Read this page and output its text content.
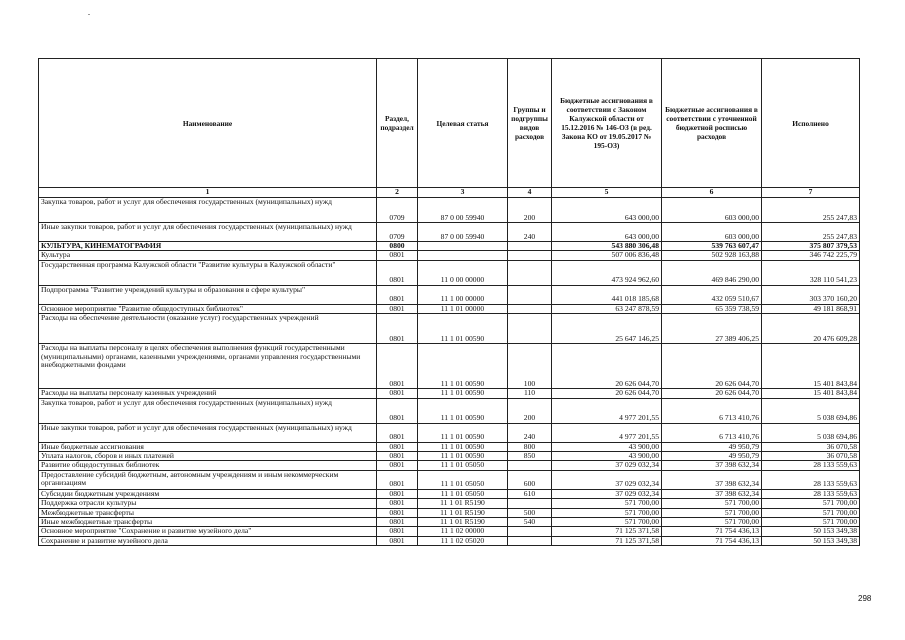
Наименование	Раздел, подраздел	Целевая статья	Группы и подгруппы видов расходов	Бюджетные ассигнования в соответствии с Законом Калужской области от 15.12.2016 № 146-ОЗ (в ред. Закона КО от 19.05.2017 № 195-ОЗ)	Бюджетные ассигнования в соответствии с уточненной бюджетной росписью расходов	Исполнено
1	2	3	4	5	6	7
Закупка товаров, работ и услуг для обеспечения государственных (муниципальных) нужд	0709	87 0 00 59940	200	643 000,00	603 000,00	255 247,83
Иные закупки товаров, работ и услуг для обеспечения государственных (муниципальных) нужд	0709	87 0 00 59940	240	643 000,00	603 000,00	255 247,83
КУЛЬТУРА, КИНЕМАТОГРАФИЯ	0800			543 880 306,48	539 763 607,47	375 807 379,53
Культура	0801			507 006 836,48	502 928 163,88	346 742 225,79
Государственная программа Калужской области "Развитие культуры в Калужской области"	0801	11 0 00 00000		473 924 962,60	469 846 290,00	328 110 541,23
Подпрограмма "Развитие учреждений культуры и образования в сфере культуры"	0801	11 1 00 00000		441 018 185,68	432 059 510,67	303 370 160,20
Основное мероприятие "Развитие общедоступных библиотек"	0801	11 1 01 00000		63 247 878,59	65 359 738,59	49 181 868,91
Расходы на обеспечение деятельности (оказание услуг) государственных учреждений	0801	11 1 01 00590		25 647 146,25	27 389 406,25	20 476 609,28
Расходы на выплаты персоналу в целях обеспечения выполнения функций государственными (муниципальными) органами, казенными учреждениями, органами управления государственными внебюджетными фондами	0801	11 1 01 00590	100	20 626 044,70	20 626 044,70	15 401 843,84
Расходы на выплаты персоналу казенных учреждений	0801	11 1 01 00590	110	20 626 044,70	20 626 044,70	15 401 843,84
Закупка товаров, работ и услуг для обеспечения государственных (муниципальных) нужд	0801	11 1 01 00590	200	4 977 201,55	6 713 410,76	5 038 694,86
Иные закупки товаров, работ и услуг для обеспечения государственных (муниципальных) нужд	0801	11 1 01 00590	240	4 977 201,55	6 713 410,76	5 038 694,86
Иные бюджетные ассигнования	0801	11 1 01 00590	800	43 900,00	49 950,79	36 070,58
Уплата налогов, сборов и иных платежей	0801	11 1 01 00590	850	43 900,00	49 950,79	36 070,58
Развитие общедоступных библиотек	0801	11 1 01 05050		37 029 032,34	37 398 632,34	28 133 559,63
Предоставление субсидий бюджетным, автономным учреждениям и иным некоммерческим организациям	0801	11 1 01 05050	600	37 029 032,34	37 398 632,34	28 133 559,63
Субсидии бюджетным учреждениям	0801	11 1 01 05050	610	37 029 032,34	37 398 632,34	28 133 559,63
Поддержка отрасли культуры	0801	11 1 01 R5190		571 700,00	571 700,00	571 700,00
Межбюджетные трансферты	0801	11 1 01 R5190	500	571 700,00	571 700,00	571 700,00
Иные межбюджетные трансферты	0801	11 1 01 R5190	540	571 700,00	571 700,00	571 700,00
Основное мероприятие "Сохранение и развитие музейного дела"	0801	11 1 02 00000		71 125 371,58	71 754 436,13	50 153 349,38
Сохранение и развитие музейного дела	0801	11 1 02 05020		71 125 371,58	71 754 436,13	50 153 349,38
298
